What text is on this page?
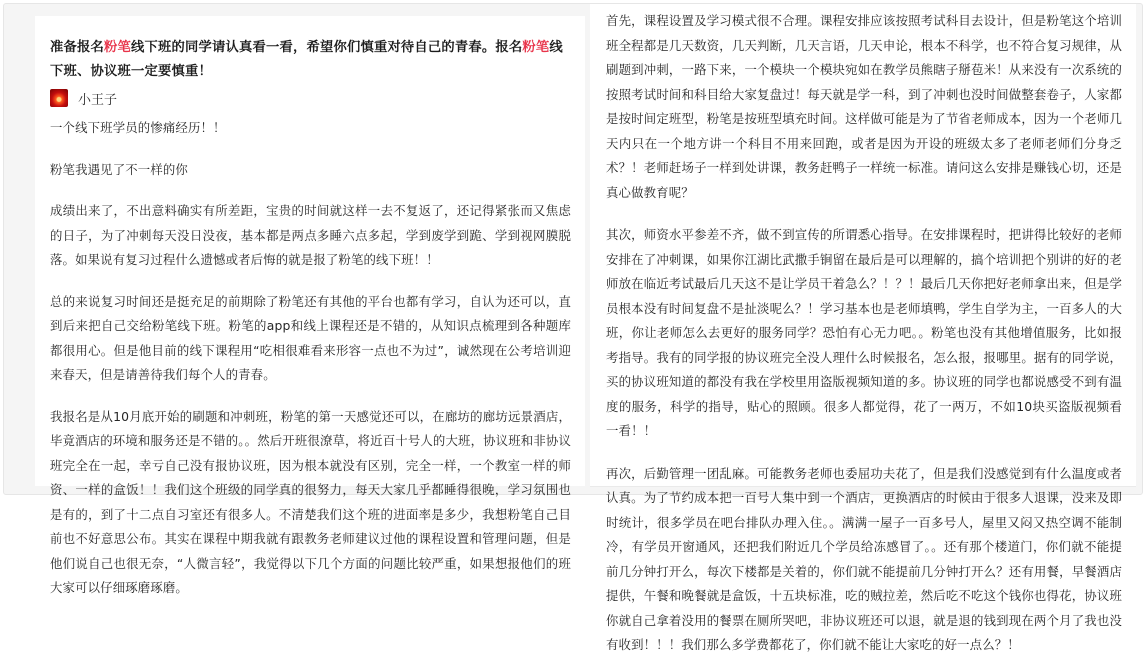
准备报名粉笔线下班的同学请认真看一看，希望你们慎重对待自己的青春。报名粉笔线下班、协议班一定要慎重！
小王子

一个线下班学员的惨痛经历！！

粉笔我遇见了不一样的你

成绩出来了，不出意料确实有所差距，宝贵的时间就这样一去不复返了，还记得紧张而又焦虑的日子，为了冲刺每天没日没夜，基本都是两点多睡六点多起，学到废学到跪、学到视网膜脱落。如果说有复习过程什么遗憾或者后悔的就是报了粉笔的线下班！！

总的来说复习时间还是挺充足的前期除了粉笔还有其他的平台也都有学习，自认为还可以，直到后来把自己交给粉笔线下班。粉笔的app和线上课程还是不错的，从知识点梳理到各种题库都很用心。但是他目前的线下课程用“吃相很难看来形容一点也不为过”，诚然现在公考培训迎来春天，但是请善待我们每个人的青春。

我报名是从10月底开始的刷题和冲刺班，粉笔的第一天感觉还可以，在廊坊的廊坊远景酒店，毕竟酒店的环境和服务还是不错的。。然后开班很潦草，将近百十号人的大班，协议班和非协议班完全在一起，幸亏自己没有报协议班，因为根本就没有区别，完全一样，一个教室一样的师资、一样的盒饭！！我们这个班级的同学真的很努力，每天大家几乎都睡得很晚，学习氛围也是有的，到了十二点自习室还有很多人。不清楚我们这个班的进面率是多少，我想粉笔自己目前也不好意思公布。其实在课程中期我就有跟教务老师建议过他的课程设置和管理问题，但是他们说自己也很无奈，“人微言轻”，我觉得以下几个方面的问题比较严重，如果想报他们的班大家可以仔细琢磨琢磨。

首先，课程设置及学习模式很不合理。课程安排应该按照考试科目去设计，但是粉笔这个培训班全程都是几天数资，几天判断，几天言语，几天申论，根本不科学，也不符合复习规律，从刷题到冲刺，一路下来，一个模块一个模块宛如在教学员熊瞎子掰苞米！从来没有一次系统的按照考试时间和科目给大家复盘过！每天就是学一科，到了冲刺也没时间做整套卷子，人家都是按时间定班型，粉笔是按班型填充时间。这样做可能是为了节省老师成本，因为一个老师几天内只在一个地方讲一个科目不用来回跑，或者是因为开设的班级太多了老师老师们分身乏术？！老师赶场子一样到处讲课，教务赶鸭子一样统一标准。请问这么安排是赚钱心切，还是真心做教育呢？

其次，师资水平参差不齐，做不到宣传的所谓悉心指导。在安排课程时，把讲得比较好的老师安排在了冲刺课，如果你江湖比武撒手锏留在最后是可以理解的，搞个培训把个别讲的好的老师放在临近考试最后几天这不是让学员干着急么？！？！最后几天你把好老师拿出来，但是学员根本没有时间复盘不是扯淡呢么？！学习基本也是老师填鸭，学生自学为主，一百多人的大班，你让老师怎么去更好的服务同学？恐怕有心无力吧。。粉笔也没有其他增值服务，比如报考指导。我有的同学报的协议班完全没人理什么时候报名，怎么报，报哪里。据有的同学说，买的协议班知道的都没有我在学校里用盗版视频知道的多。协议班的同学也都说感受不到有温度的服务，科学的指导，贴心的照顾。很多人都觉得，花了一两万，不如10块买盗版视频看一看！！

再次，后勤管理一团乱麻。可能教务老师也委屈功夫花了，但是我们没感觉到有什么温度或者认真。为了节约成本把一百号人集中到一个酒店，更换酒店的时候由于很多人退课，没来及即时统计，很多学员在吧台排队办理入住。。满满一屋子一百多号人，屋里又闷又热空调不能制冷，有学员开窗通风，还把我们附近几个学员给冻感冒了。。还有那个楼道门，你们就不能提前几分钟打开么，每次下楼都是关着的，你们就不能提前几分钟打开么？还有用餐，早餐酒店提供，午餐和晚餐就是盒饭，十五块标准，吃的贼拉差，然后吃不吃这个钱你也得花，协议班你就自己拿着没用的餐票在厕所哭吧，非协议班还可以退，就是退的钱到现在两个月了我也没有收到！！！我们那么多学费都花了，你们就不能让大家吃的好一点么？！
